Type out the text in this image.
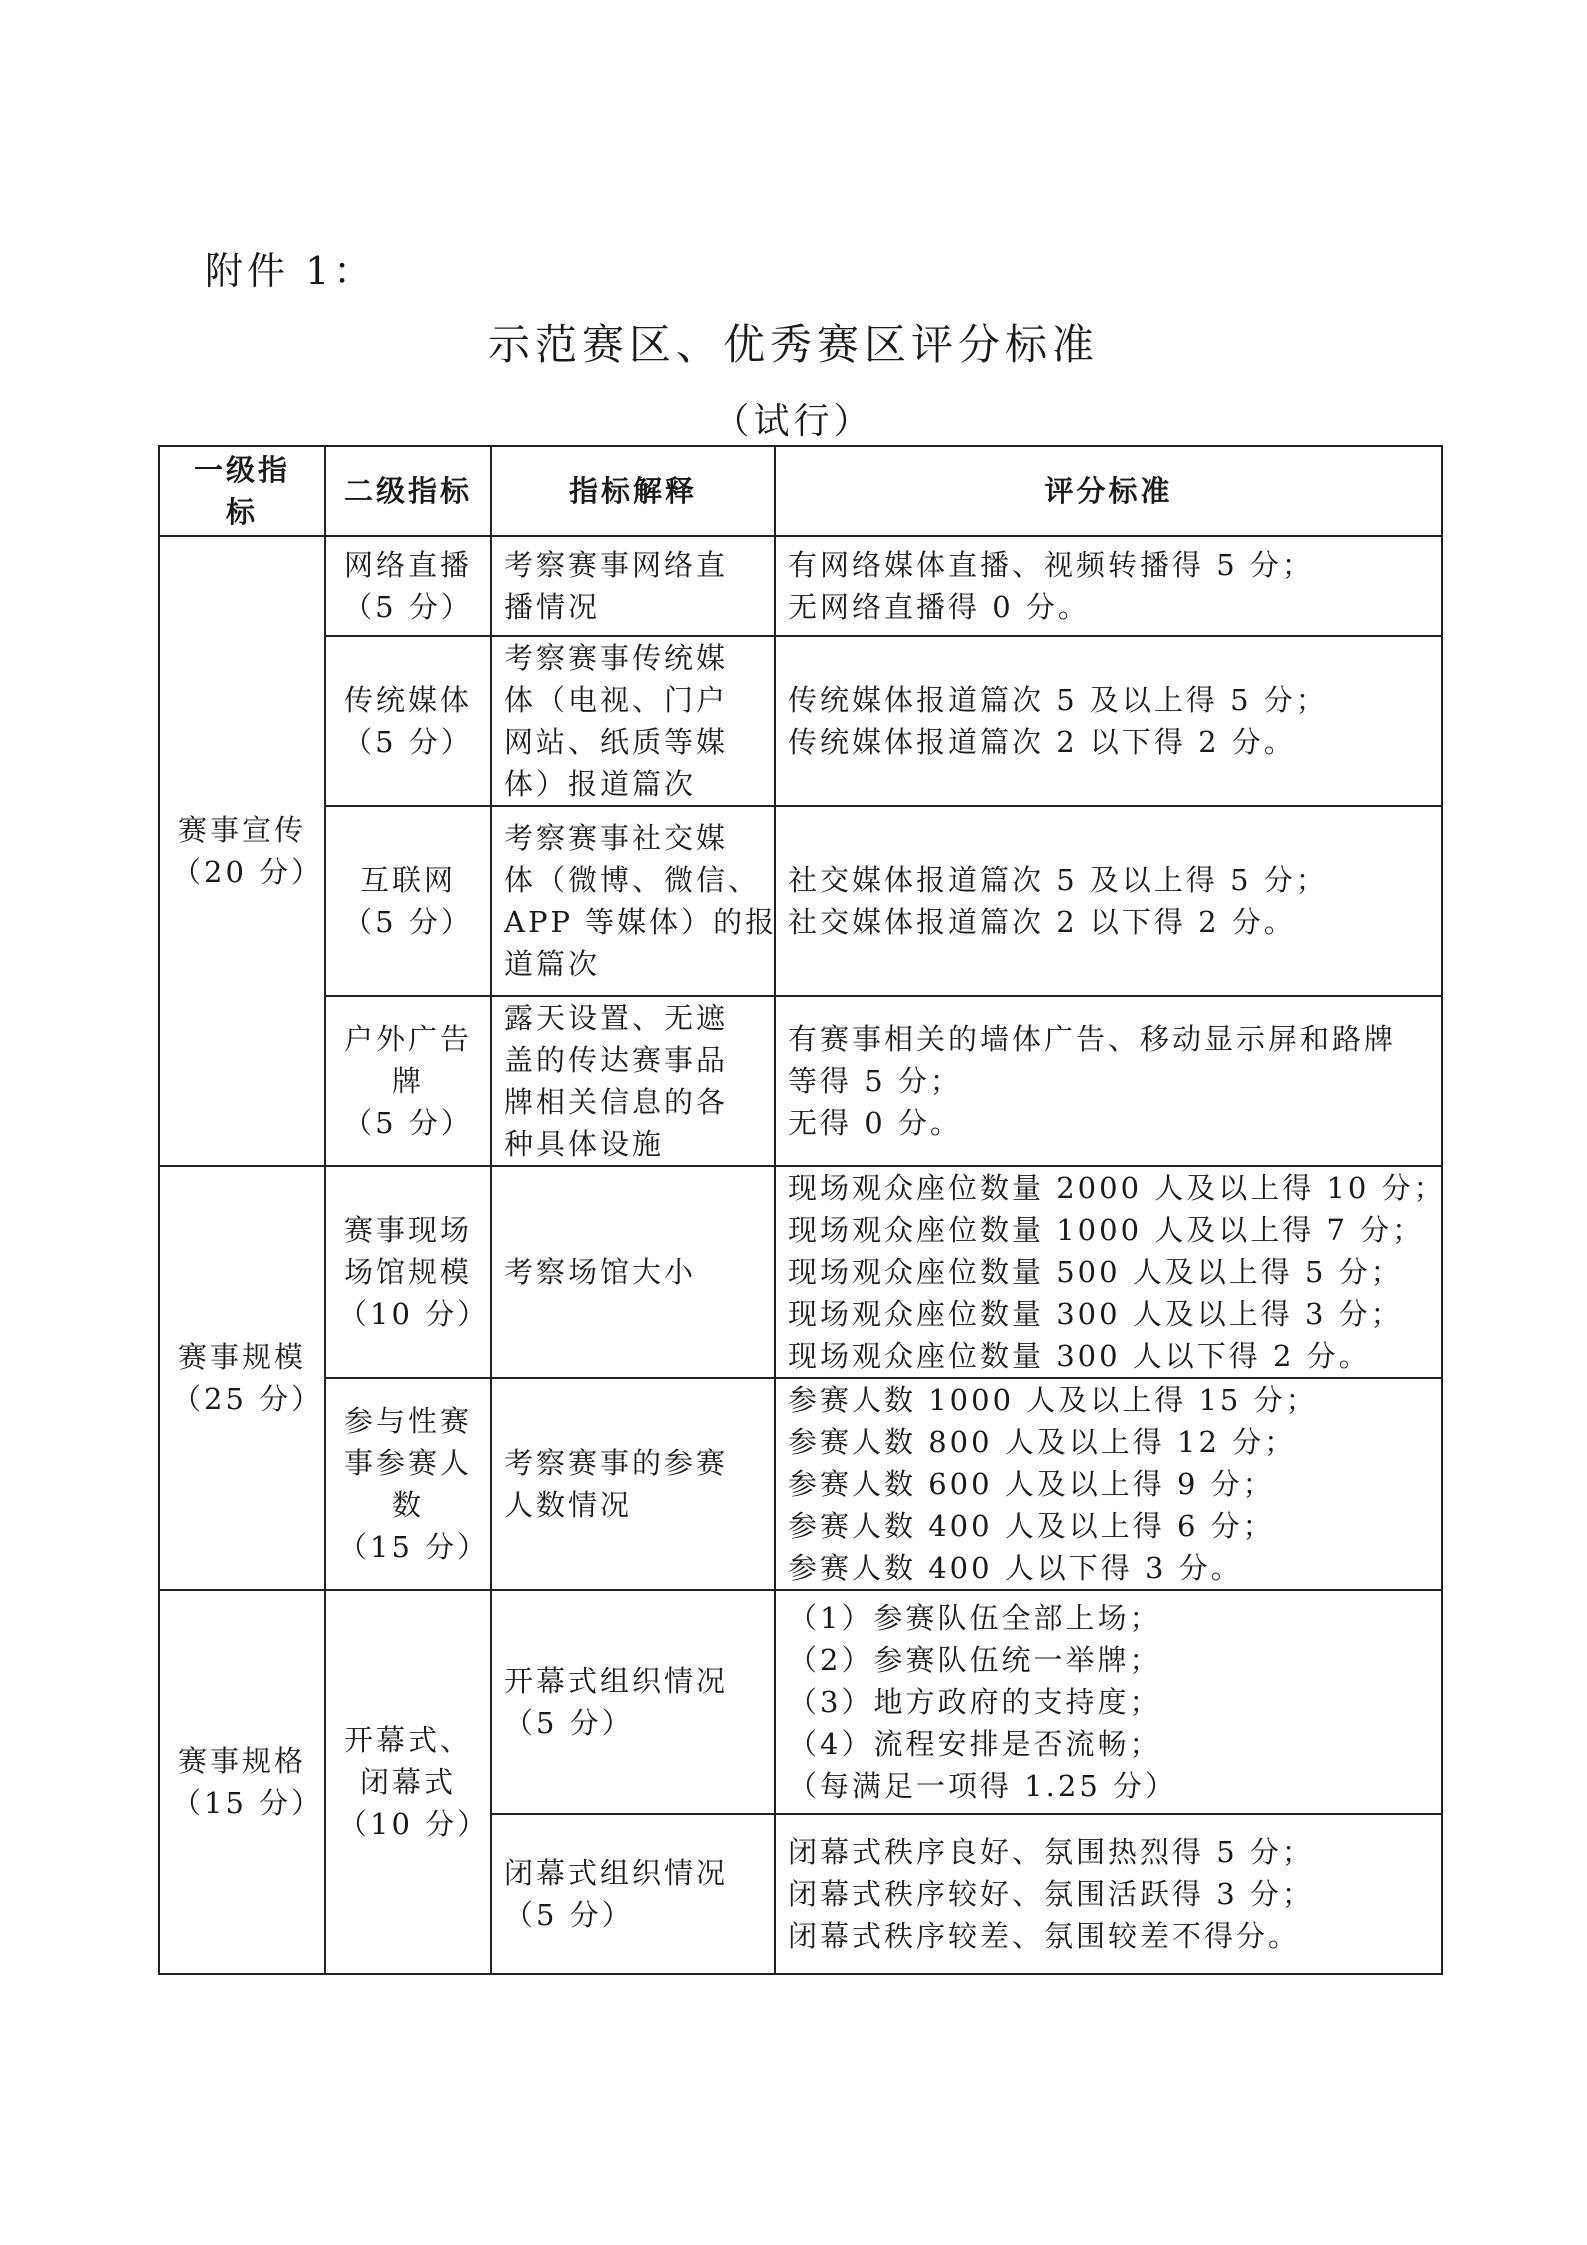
附件 1：
示范赛区、优秀赛区评分标准
（试行）
一级指
标	二级指标	指标解释	评分标准

赛事宣传
（20 分）	网络直播
（5 分）	考察赛事网络直
播情况	有网络媒体直播、视频转播得 5 分；
无网络直播得 0 分。

	传统媒体
（5 分）	考察赛事传统媒
体（电视、门户
网站、纸质等媒
体）报道篇次	传统媒体报道篇次 5 及以上得 5 分；
传统媒体报道篇次 2 以下得 2 分。

	互联网
（5 分）	考察赛事社交媒
体（微博、微信、
APP 等媒体）的报
道篇次	社交媒体报道篇次 5 及以上得 5 分；
社交媒体报道篇次 2 以下得 2 分。

	户外广告
牌
（5 分）	露天设置、无遮
盖的传达赛事品
牌相关信息的各
种具体设施	有赛事相关的墙体广告、移动显示屏和路牌
等得 5 分；
无得 0 分。

赛事规模
（25 分）	赛事现场
场馆规模
（10 分）	考察场馆大小	现场观众座位数量 2000 人及以上得 10 分；
现场观众座位数量 1000 人及以上得 7 分；
现场观众座位数量 500 人及以上得 5 分；
现场观众座位数量 300 人及以上得 3 分；
现场观众座位数量 300 人以下得 2 分。

	参与性赛
事参赛人
数
（15 分）	考察赛事的参赛
人数情况	参赛人数 1000 人及以上得 15 分；
参赛人数 800 人及以上得 12 分；
参赛人数 600 人及以上得 9 分；
参赛人数 400 人及以上得 6 分；
参赛人数 400 人以下得 3 分。

赛事规格
（15 分）	开幕式、
闭幕式
（10 分）	开幕式组织情况
（5 分）	（1）参赛队伍全部上场；
（2）参赛队伍统一举牌；
（3）地方政府的支持度；
（4）流程安排是否流畅；
（每满足一项得 1.25 分）

		闭幕式组织情况
（5 分）	闭幕式秩序良好、氛围热烈得 5 分；
闭幕式秩序较好、氛围活跃得 3 分；
闭幕式秩序较差、氛围较差不得分。
